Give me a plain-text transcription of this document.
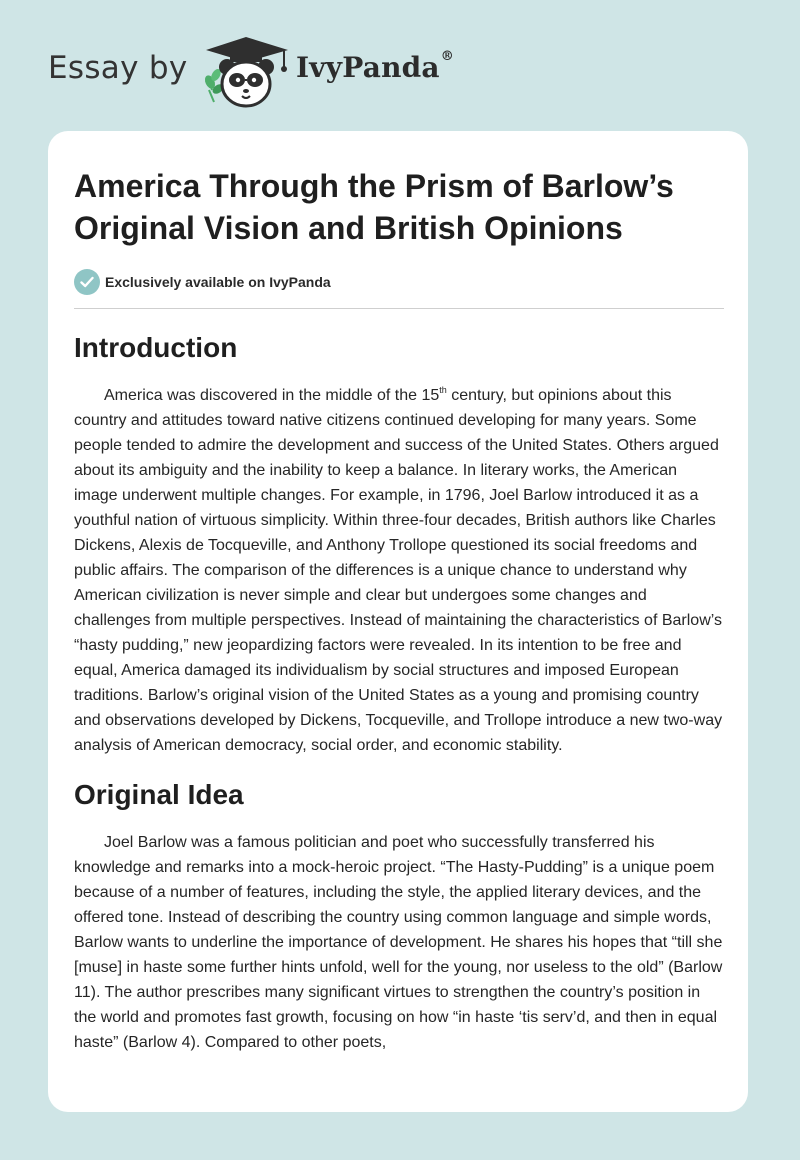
Essay by	IvyPanda®
America Through the Prism of Barlow’s Original Vision and British Opinions
Exclusively available on IvyPanda
Introduction

America was discovered in the middle of the 15th century, but opinions about this country and attitudes toward native citizens continued developing for many years. Some people tended to admire the development and success of the United States. Others argued about its ambiguity and the inability to keep a balance. In literary works, the American image underwent multiple changes. For example, in 1796, Joel Barlow introduced it as a youthful nation of virtuous simplicity. Within three-four decades, British authors like Charles Dickens, Alexis de Tocqueville, and Anthony Trollope questioned its social freedoms and public affairs. The comparison of the differences is a unique chance to understand why American civilization is never simple and clear but undergoes some changes and challenges from multiple perspectives. Instead of maintaining the characteristics of Barlow’s “hasty pudding,” new jeopardizing factors were revealed. In its intention to be free and equal, America damaged its individualism by social structures and imposed European traditions. Barlow’s original vision of the United States as a young and promising country and observations developed by Dickens, Tocqueville, and Trollope introduce a new two-way analysis of American democracy, social order, and economic stability.

Original Idea

Joel Barlow was a famous politician and poet who successfully transferred his knowledge and remarks into a mock-heroic project. “The Hasty-Pudding” is a unique poem because of a number of features, including the style, the applied literary devices, and the offered tone. Instead of describing the country using common language and simple words, Barlow wants to underline the importance of development. He shares his hopes that “till she [muse] in haste some further hints unfold, well for the young, nor useless to the old” (Barlow 11). The author prescribes many significant virtues to strengthen the country’s position in the world and promotes fast growth, focusing on how “in haste ‘tis serv’d, and then in equal haste” (Barlow 4). Compared to other poets,
